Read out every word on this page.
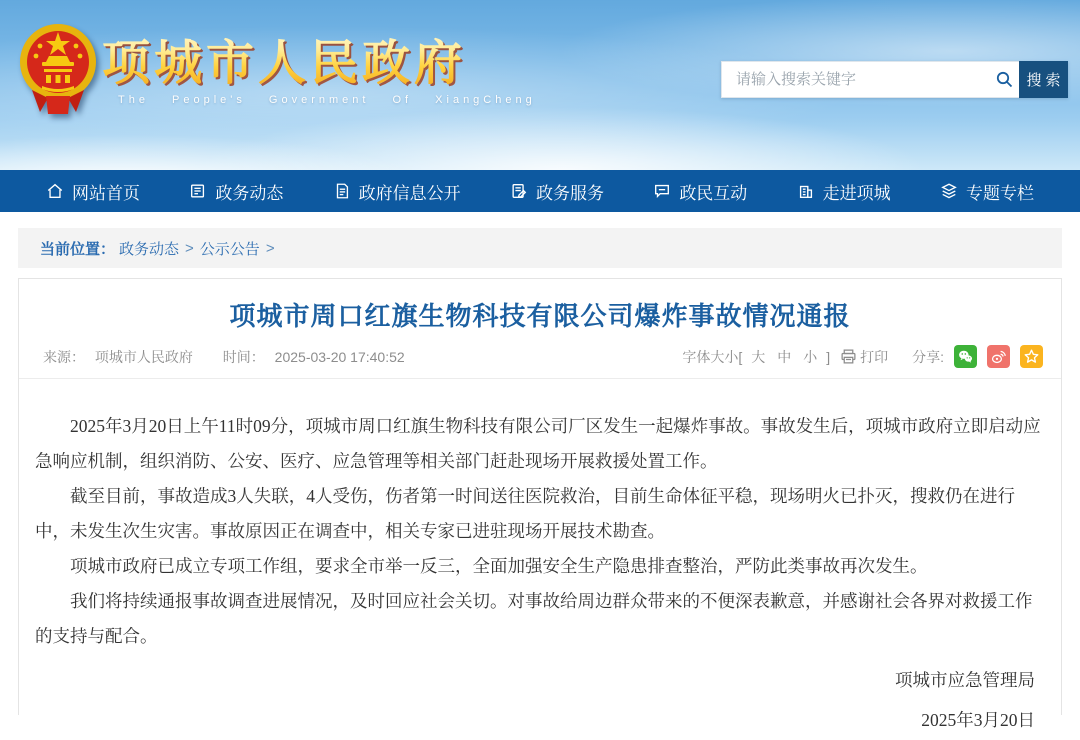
项城市人民政府
The People's Government Of XiangCheng
请输入搜索关键字
搜索
网站首页	政务动态	政府信息公开	政务服务	政民互动	走进项城	专题专栏
当前位置： 政务动态 > 公示公告 >
项城市周口红旗生物科技有限公司爆炸事故情况通报
来源： 项城市人民政府 时间： 2025-03-20 17:40:52	字体大小[ 大 中 小 ] 打印 分享:

2025年3月20日上午11时09分，项城市周口红旗生物科技有限公司厂区发生一起爆炸事故。事故发生后，项城市政府立即启动应急响应机制，组织消防、公安、医疗、应急管理等相关部门赶赴现场开展救援处置工作。

截至目前，事故造成3人失联，4人受伤，伤者第一时间送往医院救治，目前生命体征平稳，现场明火已扑灭，搜救仍在进行中，未发生次生灾害。事故原因正在调查中，相关专家已进驻现场开展技术勘查。

项城市政府已成立专项工作组，要求全市举一反三，全面加强安全生产隐患排查整治，严防此类事故再次发生。

我们将持续通报事故调查进展情况，及时回应社会关切。对事故给周边群众带来的不便深表歉意，并感谢社会各界对救援工作的支持与配合。

项城市应急管理局
2025年3月20日
